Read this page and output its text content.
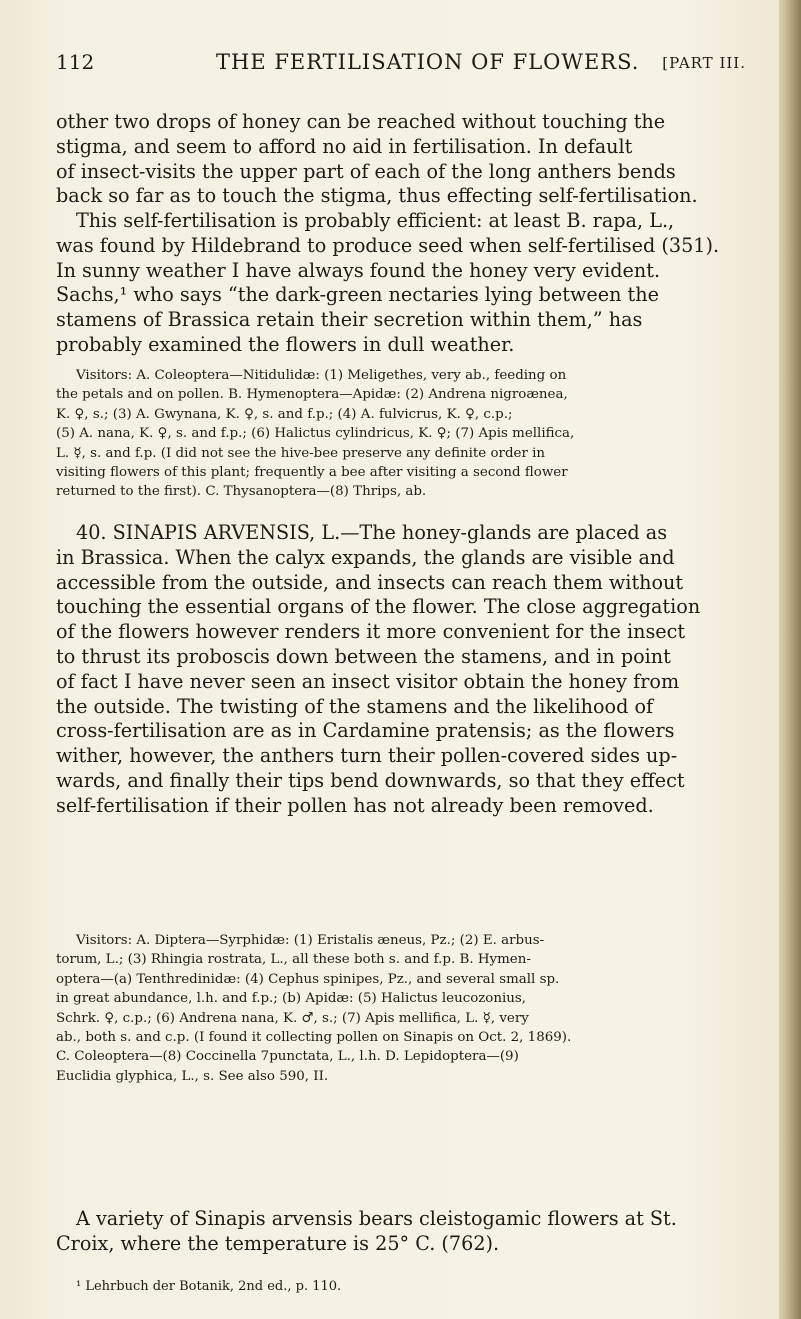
112	THE FERTILISATION OF FLOWERS. [PART III.
other two drops of honey can be reached without touching the
stigma, and seem to afford no aid in fertilisation. In default
of insect-visits the upper part of each of the long anthers bends
back so far as to touch the stigma, thus effecting self-fertilisation.
This self-fertilisation is probably efficient: at least B. rapa, L.,
was found by Hildebrand to produce seed when self-fertilised (351).
In sunny weather I have always found the honey very evident.
Sachs,¹ who says “the dark-green nectaries lying between the
stamens of Brassica retain their secretion within them,” has
probably examined the flowers in dull weather.
Visitors: A. Coleoptera—Nitidulidæ: (1) Meligethes, very ab., feeding on
the petals and on pollen. B. Hymenoptera—Apidæ: (2) Andrena nigroænea,
K. ♀, s.; (3) A. Gwynana, K. ♀, s. and f.p.; (4) A. fulvicrus, K. ♀, c.p.;
(5) A. nana, K. ♀, s. and f.p.; (6) Halictus cylindricus, K. ♀; (7) Apis mellifica,
L. ☿, s. and f.p. (I did not see the hive-bee preserve any definite order in
visiting flowers of this plant; frequently a bee after visiting a second flower
returned to the first). C. Thysanoptera—(8) Thrips, ab.
40. SINAPIS ARVENSIS, L.—The honey-glands are placed as
in Brassica. When the calyx expands, the glands are visible and
accessible from the outside, and insects can reach them without
touching the essential organs of the flower. The close aggregation
of the flowers however renders it more convenient for the insect
to thrust its proboscis down between the stamens, and in point
of fact I have never seen an insect visitor obtain the honey from
the outside. The twisting of the stamens and the likelihood of
cross-fertilisation are as in Cardamine pratensis; as the flowers
wither, however, the anthers turn their pollen-covered sides up-
wards, and finally their tips bend downwards, so that they effect
self-fertilisation if their pollen has not already been removed.
Visitors: A. Diptera—Syrphidæ: (1) Eristalis æneus, Pz.; (2) E. arbus-
torum, L.; (3) Rhingia rostrata, L., all these both s. and f.p. B. Hymen-
optera—(a) Tenthredinidæ: (4) Cephus spinipes, Pz., and several small sp.
in great abundance, l.h. and f.p.; (b) Apidæ: (5) Halictus leucozonius,
Schrk. ♀, c.p.; (6) Andrena nana, K. ♂, s.; (7) Apis mellifica, L. ☿, very
ab., both s. and c.p. (I found it collecting pollen on Sinapis on Oct. 2, 1869).
C. Coleoptera—(8) Coccinella 7punctata, L., l.h. D. Lepidoptera—(9)
Euclidia glyphica, L., s. See also 590, II.
A variety of Sinapis arvensis bears cleistogamic flowers at St.
Croix, where the temperature is 25° C. (762).
¹ Lehrbuch der Botanik, 2nd ed., p. 110.
